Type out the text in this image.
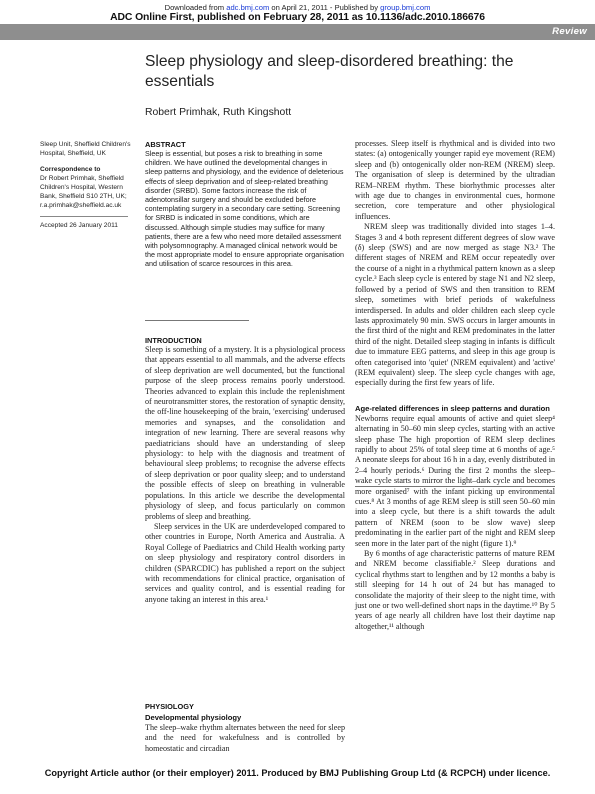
Downloaded from adc.bmj.com on April 21, 2011 - Published by group.bmj.com
ADC Online First, published on February 28, 2011 as 10.1136/adc.2010.186676
Review
Sleep physiology and sleep-disordered breathing: the essentials
Robert Primhak, Ruth Kingshott
Sleep Unit, Sheffield Children's Hospital, Sheffield, UK
Correspondence to
Dr Robert Primhak, Sheffield Children's Hospital, Western Bank, Sheffield S10 2TH, UK; r.a.primhak@sheffield.ac.uk
Accepted 26 January 2011
ABSTRACT
Sleep is essential, but poses a risk to breathing in some children. We have outlined the developmental changes in sleep patterns and physiology, and the evidence of deleterious effects of sleep deprivation and of sleep-related breathing disorder (SRBD). Some factors increase the risk of adenotonsillar surgery and should be excluded before contemplating surgery in a secondary care setting. Screening for SRBD is indicated in some conditions, which are discussed. Although simple studies may suffice for many patients, there are a few who need more detailed assessment with polysomnography. A managed clinical network would be the most appropriate model to ensure appropriate organisation and utilisation of scarce resources in this area.
INTRODUCTION

Sleep is something of a mystery. It is a physiological process that appears essential to all mammals, and the adverse effects of sleep deprivation are well documented, but the functional purpose of the sleep process remains poorly understood. Theories advanced to explain this include the replenishment of neurotransmitter stores, the restoration of synaptic density, the off-line housekeeping of the brain, 'exercising' underused memories and synapses, and the consolidation and integration of new learning. There are several reasons why paediatricians should have an understanding of sleep physiology: to help with the diagnosis and treatment of behavioural sleep problems; to recognise the adverse effects of sleep deprivation or poor quality sleep; and to understand the possible effects of sleep on breathing in vulnerable populations. In this article we describe the developmental physiology of sleep, and focus particularly on common problems of sleep and breathing.

Sleep services in the UK are underdeveloped compared to other countries in Europe, North America and Australia. A Royal College of Paediatrics and Child Health working party on sleep physiology and respiratory control disorders in children (SPARCDIC) has published a report on the subject with recommendations for clinical practice, organisation of services and quality control, and is essential reading for anyone taking an interest in this area.¹

PHYSIOLOGY
Developmental physiology

The sleep–wake rhythm alternates between the need for sleep and the need for wakefulness and is controlled by homeostatic and circadian

processes. Sleep itself is rhythmical and is divided into two states: (a) ontogenically younger rapid eye movement (REM) sleep and (b) ontogenically older non-REM (NREM) sleep. The organisation of sleep is determined by the ultradian REM–NREM rhythm. These biorhythmic processes alter with age due to changes in environmental cues, hormone secretion, core temperature and other physiological influences.

NREM sleep was traditionally divided into stages 1–4. Stages 3 and 4 both represent different degrees of slow wave (δ) sleep (SWS) and are now merged as stage N3.² The different stages of NREM and REM occur repeatedly over the course of a night in a rhythmical pattern known as a sleep cycle.³ Each sleep cycle is entered by stage N1 and N2 sleep, followed by a period of SWS and then transition to REM sleep, sometimes with brief periods of wakefulness interdispersed. In adults and older children each sleep cycle lasts approximately 90 min. SWS occurs in larger amounts in the first third of the night and REM predominates in the latter third of the night. Detailed sleep staging in infants is difficult due to immature EEG patterns, and sleep in this age group is often categorised into 'quiet' (NREM equivalent) and 'active' (REM equivalent) sleep. The sleep cycle changes with age, especially during the first few years of life.

Age-related differences in sleep patterns and duration

Newborns require equal amounts of active and quiet sleep⁴ alternating in 50–60 min sleep cycles, starting with an active sleep phase The high proportion of REM sleep declines rapidly to about 25% of total sleep time at 6 months of age.⁵ A neonate sleeps for about 16 h in a day, evenly distributed in 2–4 hourly periods.⁶ During the first 2 months the sleep–wake cycle starts to mirror the light–dark cycle and becomes more organised⁷ with the infant picking up environmental cues.⁸ At 3 months of age REM sleep is still seen 50–60 min into a sleep cycle, but there is a shift towards the adult pattern of NREM (soon to be slow wave) sleep predominating in the earlier part of the night and REM sleep seen more in the later part of the night (figure 1).⁹

By 6 months of age characteristic patterns of mature REM and NREM become classifiable.² Sleep durations and cyclical rhythms start to lengthen and by 12 months a baby is still sleeping for 14 h out of 24 but has managed to consolidate the majority of their sleep to the night time, with just one or two well-defined short naps in the daytime.¹⁰ By 5 years of age nearly all children have lost their daytime nap altogether,¹¹ although

Copyright Article author (or their employer) 2011. Produced by BMJ Publishing Group Ltd (& RCPCH) under licence.
